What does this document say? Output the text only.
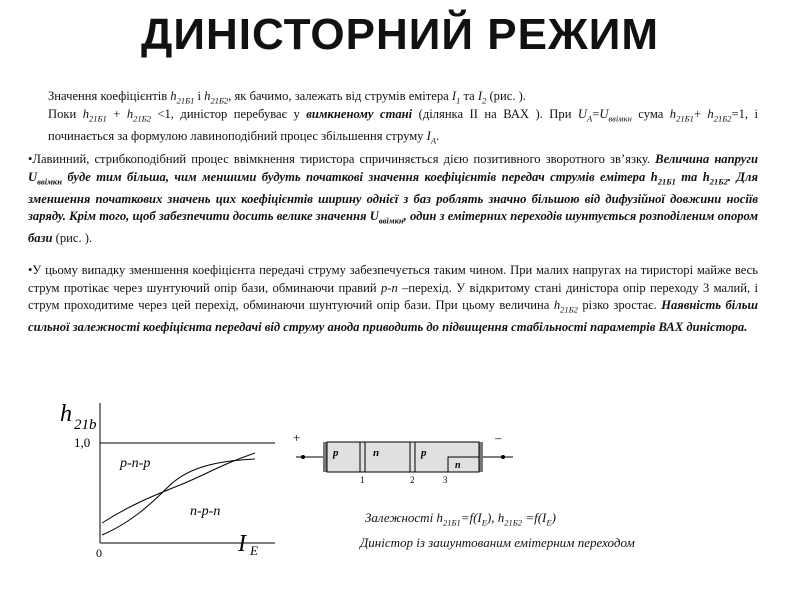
ДИНІСТОРНИЙ РЕЖИМ
Значення коефіцієнтів $h_{21Б1}$ і $h_{21Б2}$, як бачимо, залежать від струмів емітера $I_1$ та $I_2$ (рис. ).
Поки $h_{21Б1} + h_{21Б2} <1$, диністор перебуває у вимкненому стані (ділянка ІІ на ВАХ ). При $U_A=U_{ввімкн}$ сума $h_{21Б1}+ h_{21Б2}=1$, і починається за формулою лавиноподібний процес збільшення струму $I_A$.
•Лавинний, стрибкоподібний процес ввімкнення тиристора спричиняється дією позитивного зворотного зв’язку. Величина напруги $U_{ввімкн}$ буде тим більша, чим меншими будуть початкові значення коефіцієнтів передач струмів емітера $h_{21Б1}$ та $h_{21Б2}$. Для зменшення початкових значень цих коефіцієнтів ширину однієї з баз роблять значно більшою від дифузійної довжини носіїв заряду. Крім того, щоб забезпечити досить велике значення $U_{ввімкн}$, один з емітерних переходів шунтується розподіленим опором бази (рис. ).
•У цьому випадку зменшення коефіцієнта передачі струму забезпечується таким чином. При малих напругах на тиристорі майже весь струм протікає через шунтуючий опір бази, обминаючи правий p-n –перехід. У відкритому стані диністора опір переходу 3 малий, і струм проходитиме через цей перехід, обминаючи шунтуючий опір бази. При цьому величина $h_{21Б2}$ різко зростає. Наявність більш сильної залежності коефіцієнта передачі від струму анода приводить до підвищення стабільності параметрів ВАХ диністора.
h 21b
1,0
0	I E
p-n-p
n-p-n
+	–
p	n	p
n
1	2	3
Залежності $h_{21Б1}=f(I_E)$, $h_{21Б2} =f(I_E)$
Диністор із зашунтованим емітерним переходом
